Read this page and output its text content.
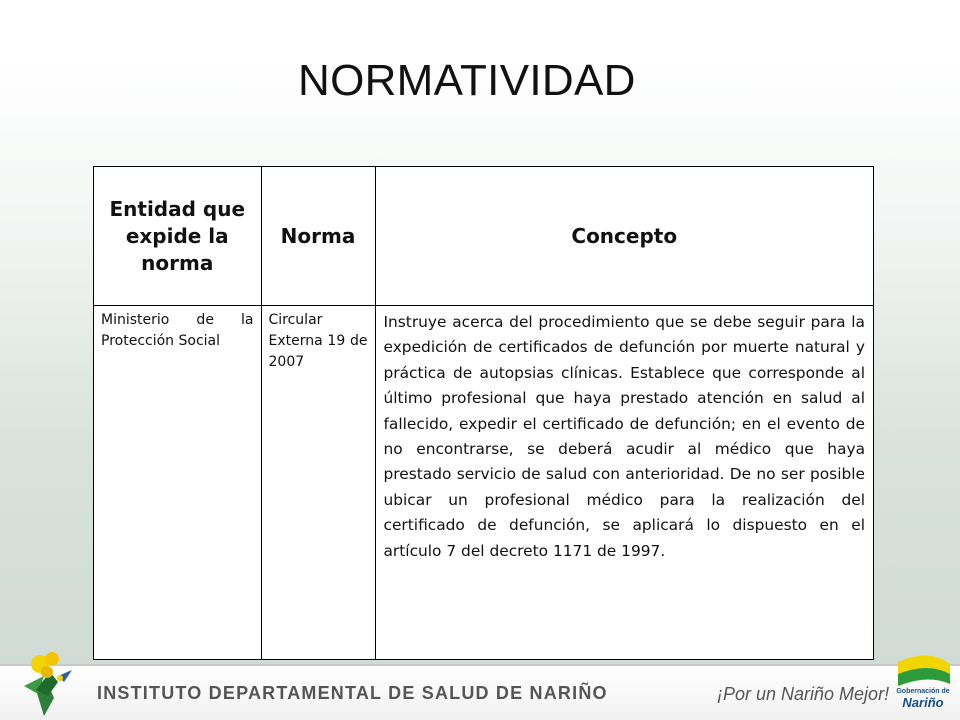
NORMATIVIDAD
Entidad que expide la norma	Norma	Concepto
Ministerio de la Protección Social	Circular Externa 19 de 2007	Instruye acerca del procedimiento que se debe seguir para la expedición de certificados de defunción por muerte natural y práctica de autopsias clínicas. Establece que corresponde al último profesional que haya prestado atención en salud al fallecido, expedir el certificado de defunción; en el evento de no encontrarse, se deberá acudir al médico que haya prestado servicio de salud con anterioridad. De no ser posible ubicar un profesional médico para la realización del certificado de defunción, se aplicará lo dispuesto en el artículo 7 del decreto 1171 de 1997.
INSTITUTO DEPARTAMENTAL DE SALUD DE NARIÑO	¡Por un Nariño Mejor!	Gobernación de
Nariño
